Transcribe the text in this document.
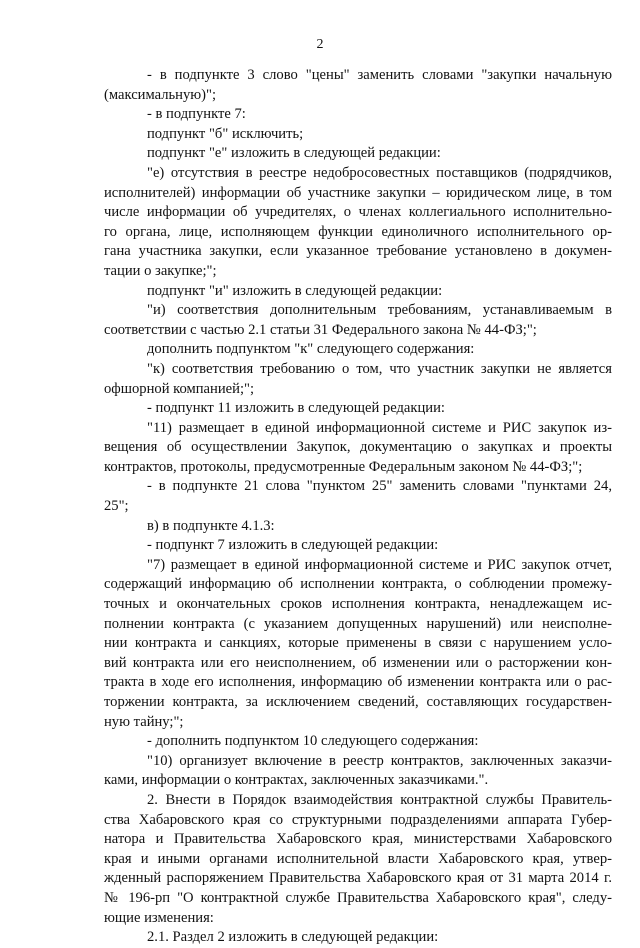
2
- в подпункте 3 слово "цены" заменить словами "закупки начальную
(максимальную)";
- в подпункте 7:
подпункт "б" исключить;
подпункт "е" изложить в следующей редакции:
"е) отсутствия в реестре недобросовестных поставщиков (подрядчиков,
исполнителей) информации об участнике закупки – юридическом лице, в том
числе информации об учредителях, о членах коллегиального исполнительно-
го органа, лице, исполняющем функции единоличного исполнительного ор-
гана участника закупки, если указанное требование установлено в докумен-
тации о закупке;";
подпункт "и" изложить в следующей редакции:
"и) соответствия дополнительным требованиям, устанавливаемым в
соответствии с частью 2.1 статьи 31 Федерального закона № 44-ФЗ;";
дополнить подпунктом "к" следующего содержания:
"к) соответствия требованию о том, что участник закупки не является
офшорной компанией;";
- подпункт 11 изложить в следующей редакции:
"11) размещает в единой информационной системе и РИС закупок из-
вещения об осуществлении Закупок, документацию о закупках и проекты
контрактов, протоколы, предусмотренные Федеральным законом № 44-ФЗ;";
- в подпункте 21 слова "пунктом 25" заменить словами "пунктами 24,
25";
в) в подпункте 4.1.3:
- подпункт 7 изложить в следующей редакции:
"7) размещает в единой информационной системе и РИС закупок отчет,
содержащий информацию об исполнении контракта, о соблюдении промежу-
точных и окончательных сроков исполнения контракта, ненадлежащем ис-
полнении контракта (с указанием допущенных нарушений) или неисполне-
нии контракта и санкциях, которые применены в связи с нарушением усло-
вий контракта или его неисполнением, об изменении или о расторжении кон-
тракта в ходе его исполнения, информацию об изменении контракта или о рас-
торжении контракта, за исключением сведений, составляющих государствен-
ную тайну;";
- дополнить подпунктом 10 следующего содержания:
"10) организует включение в реестр контрактов, заключенных заказчи-
ками, информации о контрактах, заключенных заказчиками.".
2. Внести в Порядок взаимодействия контрактной службы Правитель-
ства Хабаровского края со структурными подразделениями аппарата Губер-
натора и Правительства Хабаровского края, министерствами Хабаровского
края и иными органами исполнительной власти Хабаровского края, утвер-
жденный распоряжением Правительства Хабаровского края от 31 марта 2014 г.
№ 196-рп "О контрактной службе Правительства Хабаровского края", следу-
ющие изменения:
2.1. Раздел 2 изложить в следующей редакции:
